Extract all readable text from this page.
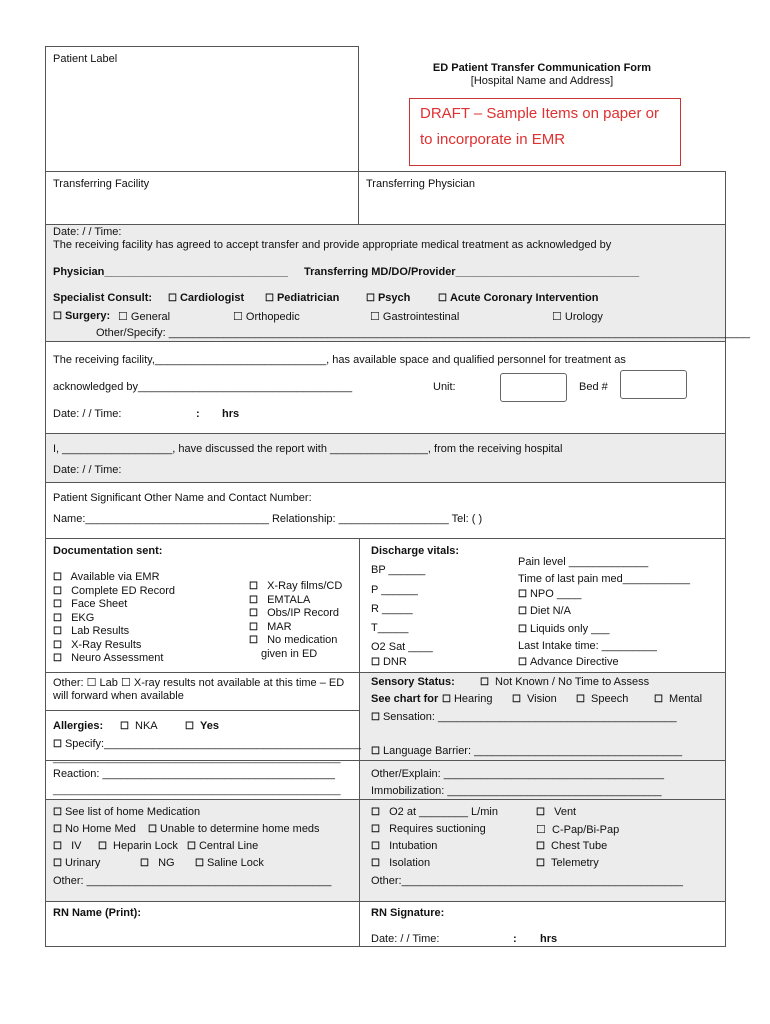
Patient Label
ED Patient Transfer Communication Form
[Hospital Name and Address]
DRAFT – Sample Items on paper or
to incorporate in EMR
Transferring Facility	Transferring Physician
Date: / / Time:
The receiving facility has agreed to accept transfer and provide appropriate medical treatment as acknowledged by
Physician______________________________ Transferring MD/DO/Provider______________________________
Specialist Consult: ☐ Cardiologist ☐ Pediatrician	☐ Psych	☐ Acute Coronary Intervention
☐ Surgery: ☐ General	☐ Orthopedic	☐ Gastrointestinal	☐ Urology
Other/Specify: _______________________________________________________________________________________________
The receiving facility,____________________________, has available space and qualified personnel for treatment as
acknowledged by___________________________________	Unit:	Bed #
Date: / / Time:	: hrs
I, __________________, have discussed the report with ________________, from the receiving hospital
Date: / / Time:
Patient Significant Other Name and Contact Number:
Name:______________________________ Relationship: __________________ Tel: ( )
Documentation sent:
☐ Available via EMR
☐ Complete ED Record
☐ Face Sheet
☐ EKG
☐ Lab Results
☐ X-Ray Results
☐ Neuro Assessment
☐ X-Ray films/CD
☐ EMTALA
☐ Obs/IP Record
☐ MAR
☐ No medication
given in ED
Other: ☐ Lab ☐ X-ray results not available at this time – ED
will forward when available
Discharge vitals:
BP ______
P ______
R _____
T_____
O2 Sat ____
☐ DNR
Pain level _____________
Time of last pain med___________
☐ NPO ____
☐ Diet N/A
☐ Liquids only ___
Last Intake time: _________
☐ Advance Directive
Allergies: ☐ NKA	☐ Yes
☐ Specify:__________________________________________
_______________________________________________
Reaction: ______________________________________
_______________________________________________
Sensory Status:	☐ Not Known / No Time to Assess
See chart for ☐ Hearing ☐ Vision ☐ Speech	☐ Mental
☐ Sensation: _______________________________________
☐ Language Barrier: __________________________________
Other/Explain: ____________________________________
Immobilization: ___________________________________
☐ See list of home Medication
☐ No Home Med ☐ Unable to determine home meds
☐ IV ☐ Heparin Lock ☐ Central Line
☐ Urinary	☐ NG ☐ Saline Lock
Other: ________________________________________
☐ O2 at ________ L/min
☐ Requires suctioning
☐ Intubation
☐ Isolation
Other:______________________________________________
☐ Vent
☐ C-Pap/Bi-Pap
☐ Chest Tube
☐ Telemetry
RN Name (Print):	RN Signature:
Date: / / Time:	: hrs
